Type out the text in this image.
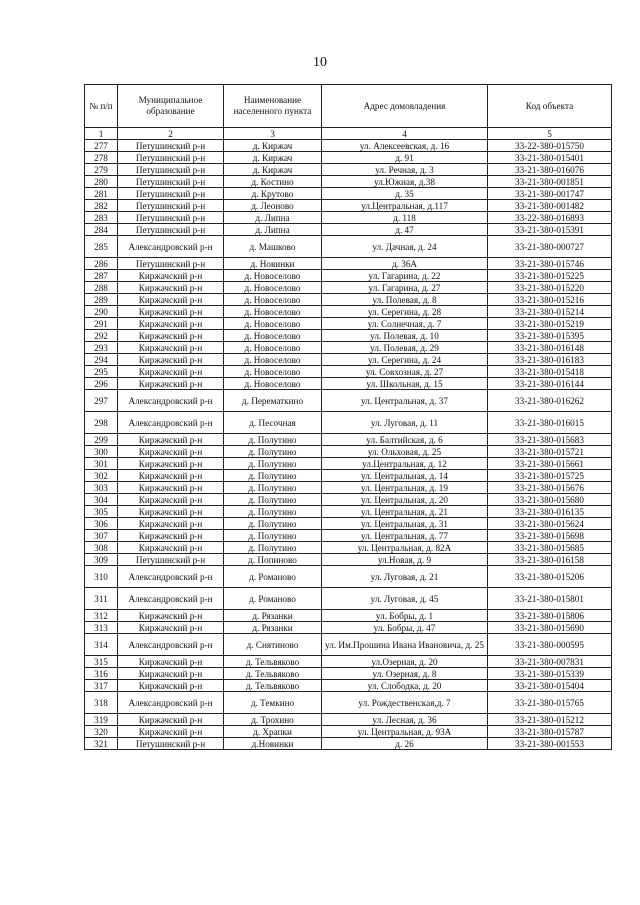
10
№ п/п	Муниципальное образование	Наименование населенного пункта	Адрес домовладения	Код объекта
1	2	3	4	5
277	Петушинский р-н	д. Киржач	ул. Алексеевская, д. 16	33-22-380-015750
278	Петушинский р-н	д. Киржач	д. 91	33-21-380-015401
279	Петушинский р-н	д. Киржач	ул. Речная, д. 3	33-21-380-016076
280	Петушинский р-н	д. Костино	ул.Южная, д.38	33-21-380-001851
281	Петушинский р-н	д. Крутово	д. 35	33-21-380-001747
282	Петушинский р-н	д. Леоново	ул.Центральная, д.117	33-21-380-001482
283	Петушинский р-н	д. Липна	д. 118	33-22-380-016893
284	Петушинский р-н	д. Липна	д. 47	33-21-380-015391
285	Александровский р-н	д. Машково	ул. Дачная, д. 24	33-21-380-000727
286	Петушинский р-н	д. Новинки	д. 36А	33-21-380-015746
287	Киржачский р-н	д. Новоселово	ул. Гагарина, д. 22	33-21-380-015225
288	Киржачский р-н	д. Новоселово	ул. Гагарина, д. 27	33-21-380-015220
289	Киржачский р-н	д. Новоселово	ул. Полевая, д. 8	33-21-380-015216
290	Киржачский р-н	д. Новоселово	ул. Серегина, д. 28	33-21-380-015214
291	Киржачский р-н	д. Новоселово	ул. Солнечная, д. 7	33-21-380-015219
292	Киржачский р-н	д. Новоселово	ул. Полевая, д. 10	33-21-380-015395
293	Киржачский р-н	д. Новоселово	ул. Полевая, д. 29	33-21-380-016148
294	Киржачский р-н	д. Новоселово	ул. Серегина, д. 24	33-21-380-016183
295	Киржачский р-н	д. Новоселово	ул. Совхозная, д. 27	33-21-380-015418
296	Киржачский р-н	д. Новоселово	ул. Школьная, д. 15	33-21-380-016144
297	Александровский р-н	д. Перематкино	ул. Центральная, д. 37	33-21-380-016262
298	Александровский р-н	д. Песочная	ул. Луговая, д. 11	33-21-380-016015
299	Киржачский р-н	д. Полутино	ул. Балтийская, д. 6	33-21-380-015683
300	Киржачский р-н	д. Полутино	ул. Ольховая, д. 25	33-21-380-015721
301	Киржачский р-н	д. Полутино	ул.Центральная, д. 12	33-21-380-015661
302	Киржачский р-н	д. Полутино	ул. Центральная, д. 14	33-21-380-015725
303	Киржачский р-н	д. Полутино	ул. Центральная, д. 19	33-21-380-015676
304	Киржачский р-н	д. Полутино	ул. Центральная, д. 20	33-21-380-015680
305	Киржачский р-н	д. Полутино	ул. Центральная, д. 21	33-21-380-016135
306	Киржачский р-н	д. Полутино	ул. Центральная, д. 31	33-21-380-015624
307	Киржачский р-н	д. Полутино	ул. Центральная, д. 77	33-21-380-015698
308	Киржачский р-н	д. Полутино	ул. Центральная, д. 82А	33-21-380-015685
309	Петушинский р-н	д. Попиново	ул.Новая, д. 9	33-21-380-016158
310	Александровский р-н	д. Романово	ул. Луговая, д. 21	33-21-380-015206
311	Александровский р-н	д. Романово	ул. Луговая, д. 45	33-21-380-015801
312	Киржачский р-н	д. Рязанки	ул. Бобры, д. 1	33-21-380-015806
313	Киржачский р-н	д. Рязанки	ул. Бобры, д. 47	33-21-380-015690
314	Александровский р-н	д. Снятиново	ул. Им.Прошина Ивана Ивановича, д. 25	33-21-380-000595
315	Киржачский р-н	д. Тельвяково	ул.Озерная, д. 20	33-21-380-007831
316	Киржачский р-н	д. Тельвяково	ул. Озерная, д. 8	33-21-380-015339
317	Киржачский р-н	д. Тельвяково	ул. Слободка, д. 20	33-21-380-015404
318	Александровский р-н	д. Темкино	ул. Рождественская,д. 7	33-21-380-015765
319	Киржачский р-н	д. Трохино	ул. Лесная, д. 36	33-21-380-015212
320	Киржачский р-н	д. Храпки	ул. Центральная, д. 93А	33-21-380-015787
321	Петушинский р-н	д.Новинки	д. 26	33-21-380-001553
